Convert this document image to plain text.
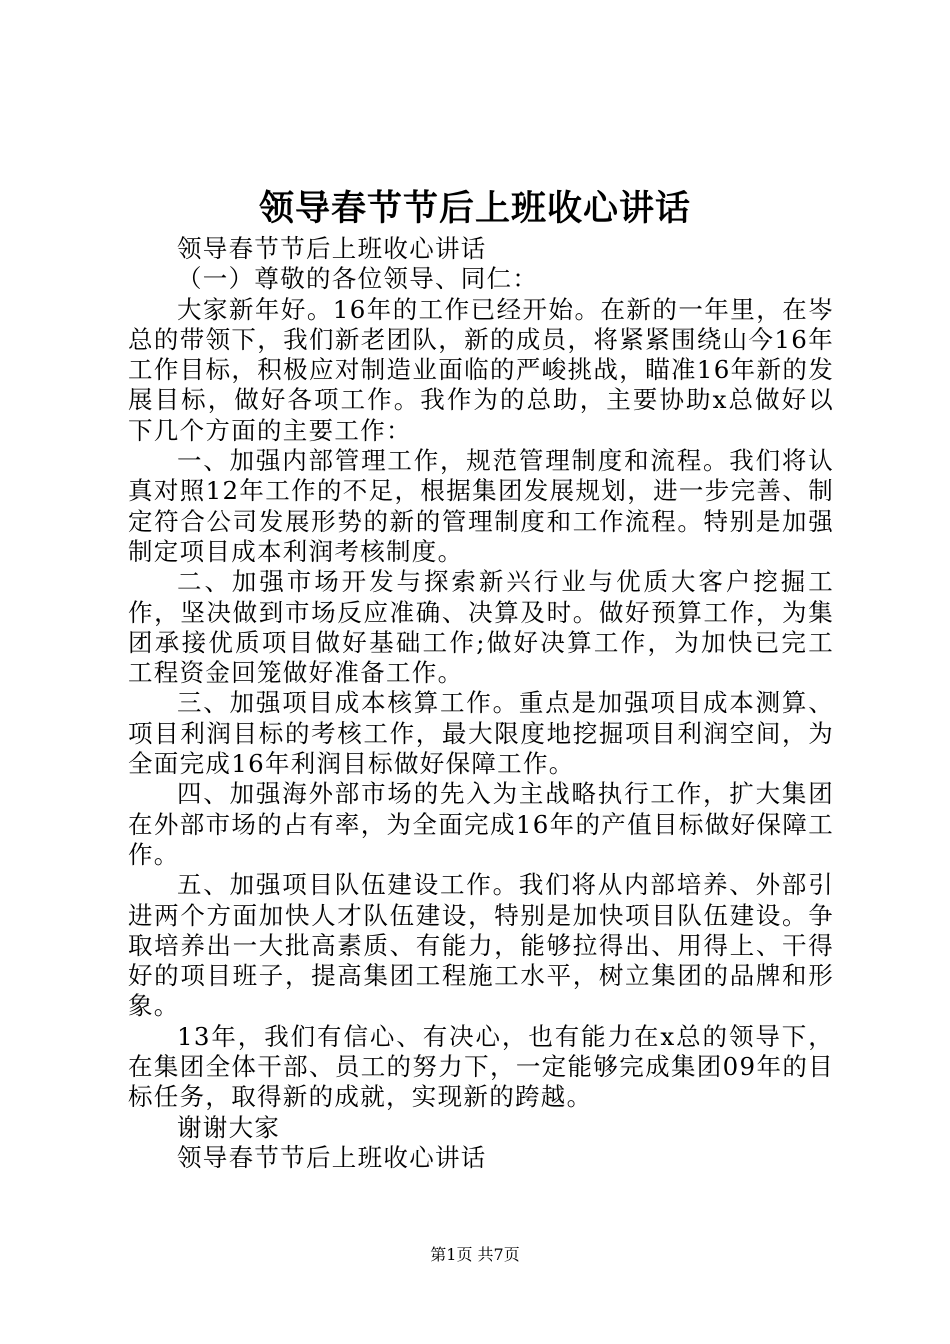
领导春节节后上班收心讲话

领导春节节后上班收心讲话

（一）尊敬的各位领导、同仁：

大家新年好。16年的工作已经开始。在新的一年里，在岑总的带领下，我们新老团队，新的成员，将紧紧围绕山今16年工作目标，积极应对制造业面临的严峻挑战，瞄准16年新的发展目标，做好各项工作。我作为的总助，主要协助x总做好以下几个方面的主要工作：

一、加强内部管理工作，规范管理制度和流程。我们将认真对照12年工作的不足，根据集团发展规划，进一步完善、制定符合公司发展形势的新的管理制度和工作流程。特别是加强制定项目成本利润考核制度。

二、加强市场开发与探索新兴行业与优质大客户挖掘工作，坚决做到市场反应准确、决算及时。做好预算工作，为集团承接优质项目做好基础工作;做好决算工作，为加快已完工工程资金回笼做好准备工作。

三、加强项目成本核算工作。重点是加强项目成本测算、项目利润目标的考核工作，最大限度地挖掘项目利润空间，为全面完成16年利润目标做好保障工作。

四、加强海外部市场的先入为主战略执行工作，扩大集团在外部市场的占有率，为全面完成16年的产值目标做好保障工作。

五、加强项目队伍建设工作。我们将从内部培养、外部引进两个方面加快人才队伍建设，特别是加快项目队伍建设。争取培养出一大批高素质、有能力，能够拉得出、用得上、干得好的项目班子，提高集团工程施工水平，树立集团的品牌和形象。

13年，我们有信心、有决心，也有能力在x总的领导下，在集团全体干部、员工的努力下，一定能够完成集团09年的目标任务，取得新的成就，实现新的跨越。

谢谢大家

领导春节节后上班收心讲话

第1页 共7页
